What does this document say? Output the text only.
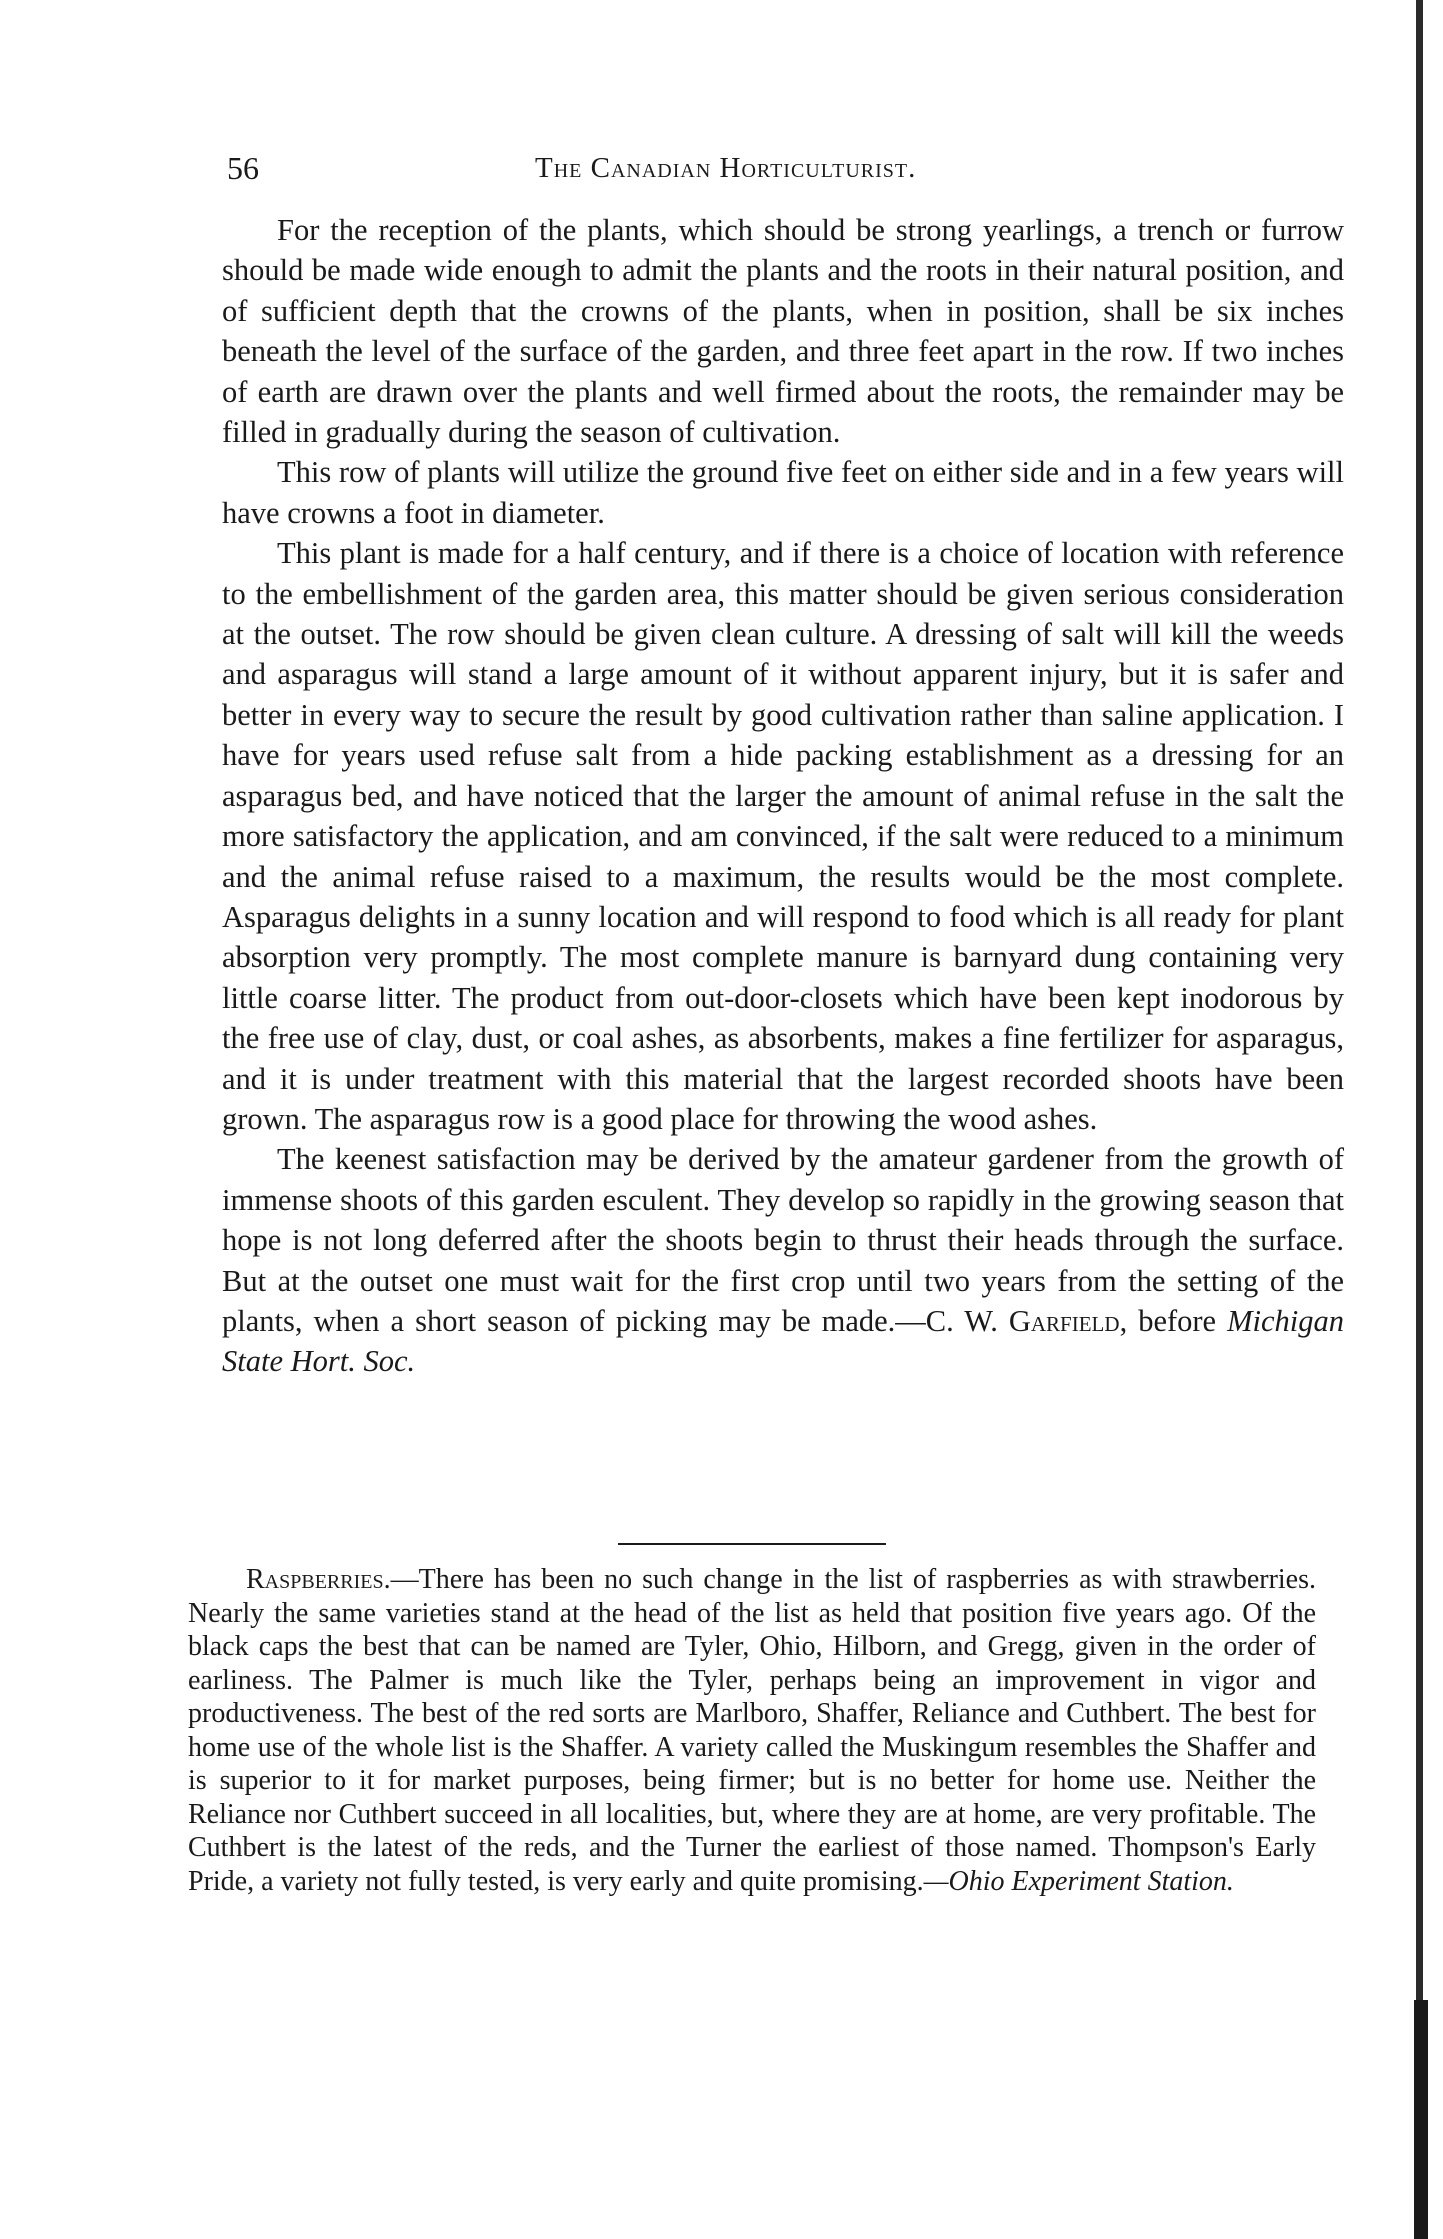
56	The Canadian Horticulturist.

For the reception of the plants, which should be strong yearlings, a trench or furrow should be made wide enough to admit the plants and the roots in their natural position, and of sufficient depth that the crowns of the plants, when in position, shall be six inches beneath the level of the surface of the garden, and three feet apart in the row. If two inches of earth are drawn over the plants and well firmed about the roots, the remainder may be filled in gradually during the season of cultivation.

This row of plants will utilize the ground five feet on either side and in a few years will have crowns a foot in diameter.

This plant is made for a half century, and if there is a choice of location with reference to the embellishment of the garden area, this matter should be given serious consideration at the outset. The row should be given clean culture. A dressing of salt will kill the weeds and asparagus will stand a large amount of it without apparent injury, but it is safer and better in every way to secure the result by good cultivation rather than saline application. I have for years used refuse salt from a hide packing establishment as a dressing for an asparagus bed, and have noticed that the larger the amount of animal refuse in the salt the more satisfactory the application, and am convinced, if the salt were reduced to a minimum and the animal refuse raised to a maximum, the results would be the most complete. Asparagus delights in a sunny location and will respond to food which is all ready for plant absorption very promptly. The most complete manure is barnyard dung containing very little coarse litter. The product from out-door-closets which have been kept inodorous by the free use of clay, dust, or coal ashes, as absorbents, makes a fine fertilizer for asparagus, and it is under treatment with this material that the largest recorded shoots have been grown. The asparagus row is a good place for throwing the wood ashes.

The keenest satisfaction may be derived by the amateur gardener from the growth of immense shoots of this garden esculent. They develop so rapidly in the growing season that hope is not long deferred after the shoots begin to thrust their heads through the surface. But at the outset one must wait for the first crop until two years from the setting of the plants, when a short season of picking may be made.—C. W. Garfield, before Michigan State Hort. Soc.

Raspberries.—There has been no such change in the list of raspberries as with strawberries. Nearly the same varieties stand at the head of the list as held that position five years ago. Of the black caps the best that can be named are Tyler, Ohio, Hilborn, and Gregg, given in the order of earliness. The Palmer is much like the Tyler, perhaps being an improvement in vigor and productiveness. The best of the red sorts are Marlboro, Shaffer, Reliance and Cuthbert. The best for home use of the whole list is the Shaffer. A variety called the Muskingum resembles the Shaffer and is superior to it for market purposes, being firmer; but is no better for home use. Neither the Reliance nor Cuthbert succeed in all localities, but, where they are at home, are very profitable. The Cuthbert is the latest of the reds, and the Turner the earliest of those named. Thompson's Early Pride, a variety not fully tested, is very early and quite promising.—Ohio Experiment Station.
